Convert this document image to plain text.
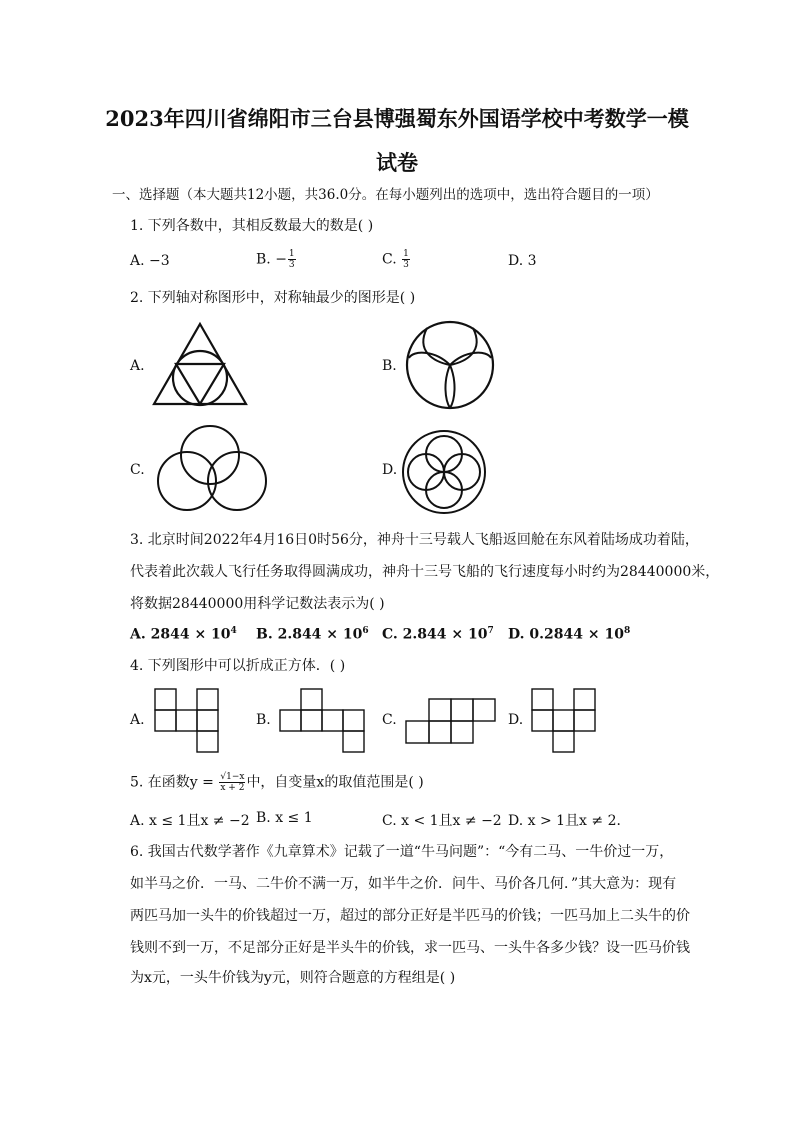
2023年四川省绵阳市三台县博强蜀东外国语学校中考数学一模
试卷
一、选择题（本大题共12小题，共36.0分。在每小题列出的选项中，选出符合题目的一项）
1. 下列各数中，其相反数最大的数是( )
A. −3	B. − $\frac{1}{3}$	C. $\frac{1}{3}$	D. 3
2. 下列轴对称图形中，对称轴最少的图形是( )
A.	B.
C.	D.
3. 北京时间2022年4月16日0时56分，神舟十三号载人飞船返回舱在东风着陆场成功着陆，
代表着此次载人飞行任务取得圆满成功，神舟十三号飞船的飞行速度每小时约为28440000米，
将数据28440000用科学记数法表示为( )
A. $2844 \times 10^4$ B. $2.844 \times 10^6$ C. $2.844 \times 10^7$ D. $0.2844 \times 10^8$
4. 下列图形中可以折成正方体．( )
A.	B.	C.	D.
5. 在函数$y = \frac{√1-x}{x + 2}$ 中，自变量x的取值范围是( )
A. x ≤ 1且x ≠ −2 B. x ≤ 1	C. x < 1且x ≠ −2 D. x > 1且x ≠ 2．
6. 我国古代数学著作《九章算术》记载了一道“牛马问题”：“今有二马、一牛价过一万，
如半马之价．一马、二牛价不满一万，如半牛之价．问牛、马价各几何．”其大意为：现有
两匹马加一头牛的价钱超过一万，超过的部分正好是半匹马的价钱；一匹马加上二头牛的价
钱则不到一万，不足部分正好是半头牛的价钱，求一匹马、一头牛各多少钱？设一匹马价钱
为x元，一头牛价钱为y元，则符合题意的方程组是( )
